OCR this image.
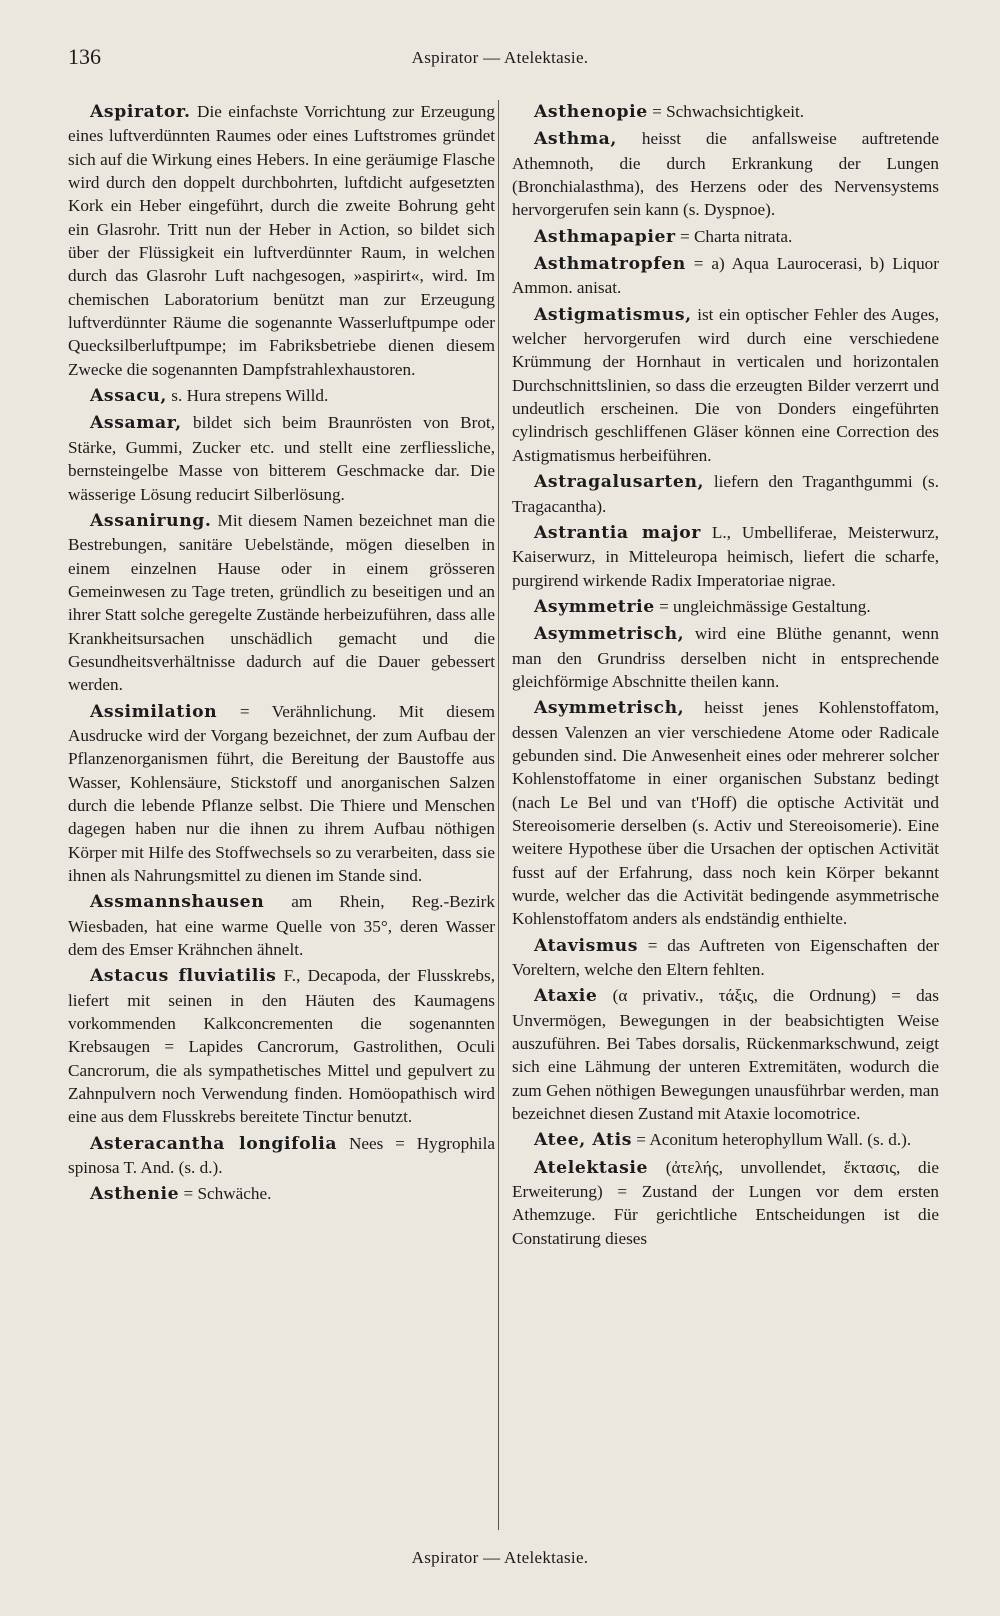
136	Aspirator — Atelektasie.

Aspirator. Die einfachste Vorrichtung zur Erzeugung eines luftverdünnten Raumes oder eines Luftstromes gründet sich auf die Wirkung eines Hebers. In eine geräumige Flasche wird durch den doppelt durchbohrten, luftdicht aufgesetzten Kork ein Heber eingeführt, durch die zweite Bohrung geht ein Glasrohr. Tritt nun der Heber in Action, so bildet sich über der Flüssigkeit ein luftverdünnter Raum, in welchen durch das Glasrohr Luft nachgesogen, »aspirirt«, wird. Im chemischen Laboratorium benützt man zur Erzeugung luftverdünnter Räume die sogenannte Wasserluftpumpe oder Quecksilberluftpumpe; im Fabriksbetriebe dienen diesem Zwecke die sogenannten Dampfstrahlexhaustoren.

Assacu, s. Hura strepens Willd.

Assamar, bildet sich beim Braunrösten von Brot, Stärke, Gummi, Zucker etc. und stellt eine zerfliessliche, bernsteingelbe Masse von bitterem Geschmacke dar. Die wässerige Lösung reducirt Silberlösung.

Assanirung. Mit diesem Namen bezeichnet man die Bestrebungen, sanitäre Uebelstände, mögen dieselben in einem einzelnen Hause oder in einem grösseren Gemeinwesen zu Tage treten, gründlich zu beseitigen und an ihrer Statt solche geregelte Zustände herbeizuführen, dass alle Krankheitsursachen unschädlich gemacht und die Gesundheitsverhältnisse dadurch auf die Dauer gebessert werden.

Assimilation = Verähnlichung. Mit diesem Ausdrucke wird der Vorgang bezeichnet, der zum Aufbau der Pflanzenorganismen führt, die Bereitung der Baustoffe aus Wasser, Kohlensäure, Stickstoff und anorganischen Salzen durch die lebende Pflanze selbst. Die Thiere und Menschen dagegen haben nur die ihnen zu ihrem Aufbau nöthigen Körper mit Hilfe des Stoffwechsels so zu verarbeiten, dass sie ihnen als Nahrungsmittel zu dienen im Stande sind.

Assmannshausen am Rhein, Reg.-Bezirk Wiesbaden, hat eine warme Quelle von 35°, deren Wasser dem des Emser Krähnchen ähnelt.

Astacus fluviatilis F., Decapoda, der Flusskrebs, liefert mit seinen in den Häuten des Kaumagens vorkommenden Kalkconcrementen die sogenannten Krebsaugen = Lapides Cancrorum, Gastrolithen, Oculi Cancrorum, die als sympathetisches Mittel und gepulvert zu Zahnpulvern noch Verwendung finden. Homöopathisch wird eine aus dem Flusskrebs bereitete Tinctur benutzt.

Asteracantha longifolia Nees = Hygrophila spinosa T. And. (s. d.).

Asthenie = Schwäche.

Asthenopie = Schwachsichtigkeit.

Asthma, heisst die anfallsweise auftretende Athemnoth, die durch Erkrankung der Lungen (Bronchialasthma), des Herzens oder des Nervensystems hervorgerufen sein kann (s. Dyspnoe).

Asthmapapier = Charta nitrata.

Asthmatropfen = a) Aqua Laurocerasi, b) Liquor Ammon. anisat.

Astigmatismus, ist ein optischer Fehler des Auges, welcher hervorgerufen wird durch eine verschiedene Krümmung der Hornhaut in verticalen und horizontalen Durchschnittslinien, so dass die erzeugten Bilder verzerrt und undeutlich erscheinen. Die von Donders eingeführten cylindrisch geschliffenen Gläser können eine Correction des Astigmatismus herbeiführen.

Astragalusarten, liefern den Traganthgummi (s. Tragacantha).

Astrantia major L., Umbelliferae, Meisterwurz, Kaiserwurz, in Mitteleuropa heimisch, liefert die scharfe, purgirend wirkende Radix Imperatoriae nigrae.

Asymmetrie = ungleichmässige Gestaltung.

Asymmetrisch, wird eine Blüthe genannt, wenn man den Grundriss derselben nicht in entsprechende gleichförmige Abschnitte theilen kann.

Asymmetrisch, heisst jenes Kohlenstoffatom, dessen Valenzen an vier verschiedene Atome oder Radicale gebunden sind. Die Anwesenheit eines oder mehrerer solcher Kohlenstoffatome in einer organischen Substanz bedingt (nach Le Bel und van t'Hoff) die optische Activität und Stereoisomerie derselben (s. Activ und Stereoisomerie). Eine weitere Hypothese über die Ursachen der optischen Activität fusst auf der Erfahrung, dass noch kein Körper bekannt wurde, welcher das die Activität bedingende asymmetrische Kohlenstoffatom anders als endständig enthielte.

Atavismus = das Auftreten von Eigenschaften der Voreltern, welche den Eltern fehlten.

Ataxie (α privativ., τάξις, die Ordnung) = das Unvermögen, Bewegungen in der beabsichtigten Weise auszuführen. Bei Tabes dorsalis, Rückenmarkschwund, zeigt sich eine Lähmung der unteren Extremitäten, wodurch die zum Gehen nöthigen Bewegungen unausführbar werden, man bezeichnet diesen Zustand mit Ataxie locomotrice.

Atee, Atis = Aconitum heterophyllum Wall. (s. d.).

Atelektasie (ἀτελής, unvollendet, ἔκτασις, die Erweiterung) = Zustand der Lungen vor dem ersten Athemzuge. Für gerichtliche Entscheidungen ist die Constatirung dieses

Aspirator — Atelektasie.
